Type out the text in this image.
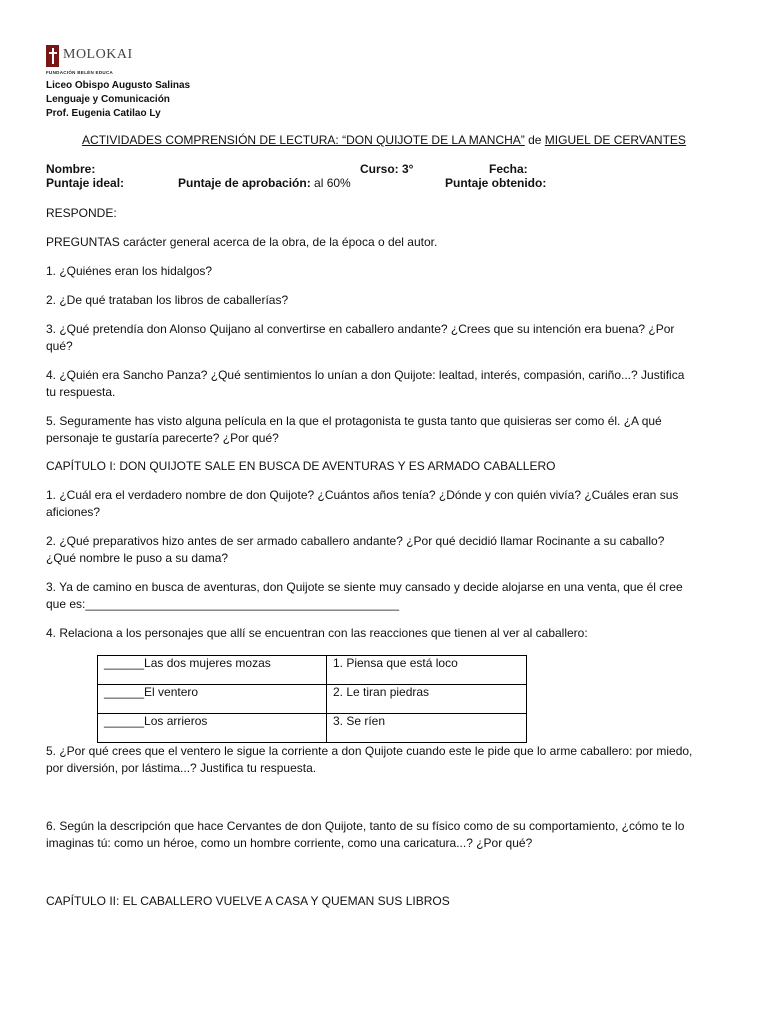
MOLOKAI
FUNDACIÓN BELÉN EDUCA
Liceo Obispo Augusto Salinas
Lenguaje y Comunicación
Prof. Eugenia Catilao Ly
ACTIVIDADES COMPRENSIÓN DE LECTURA: “DON QUIJOTE DE LA MANCHA” de MIGUEL DE CERVANTES
Nombre:	Curso: 3°	Fecha:
Puntaje ideal:	Puntaje de aprobación: al 60%	Puntaje obtenido:
RESPONDE:
PREGUNTAS carácter general acerca de la obra, de la época o del autor.
1. ¿Quiénes eran los hidalgos?
2. ¿De qué trataban los libros de caballerías?
3. ¿Qué pretendía don Alonso Quijano al convertirse en caballero andante? ¿Crees que su intención era buena? ¿Por
qué?
4. ¿Quién era Sancho Panza? ¿Qué sentimientos lo unían a don Quijote: lealtad, interés, compasión, cariño...? Justifica
tu respuesta.
5. Seguramente has visto alguna película en la que el protagonista te gusta tanto que quisieras ser como él. ¿A qué
personaje te gustaría parecerte? ¿Por qué?
CAPÍTULO I: DON QUIJOTE SALE EN BUSCA DE AVENTURAS Y ES ARMADO CABALLERO
1. ¿Cuál era el verdadero nombre de don Quijote? ¿Cuántos años tenía? ¿Dónde y con quién vivía? ¿Cuáles eran sus
aficiones?
2. ¿Qué preparativos hizo antes de ser armado caballero andante? ¿Por qué decidió llamar Rocinante a su caballo?
¿Qué nombre le puso a su dama?
3. Ya de camino en busca de aventuras, don Quijote se siente muy cansado y decide alojarse en una venta, que él cree
que es:_______________________________________________
4. Relaciona a los personajes que allí se encuentran con las reacciones que tienen al ver al caballero:
______Las dos mujeres mozas	1. Piensa que está loco
______El ventero	2. Le tiran piedras
______Los arrieros	3. Se ríen
5. ¿Por qué crees que el ventero le sigue la corriente a don Quijote cuando este le pide que lo arme caballero: por miedo,
por diversión, por lástima...? Justifica tu respuesta.
6. Según la descripción que hace Cervantes de don Quijote, tanto de su físico como de su comportamiento, ¿cómo te lo
imaginas tú: como un héroe, como un hombre corriente, como una caricatura...? ¿Por qué?
CAPÍTULO II: EL CABALLERO VUELVE A CASA Y QUEMAN SUS LIBROS
